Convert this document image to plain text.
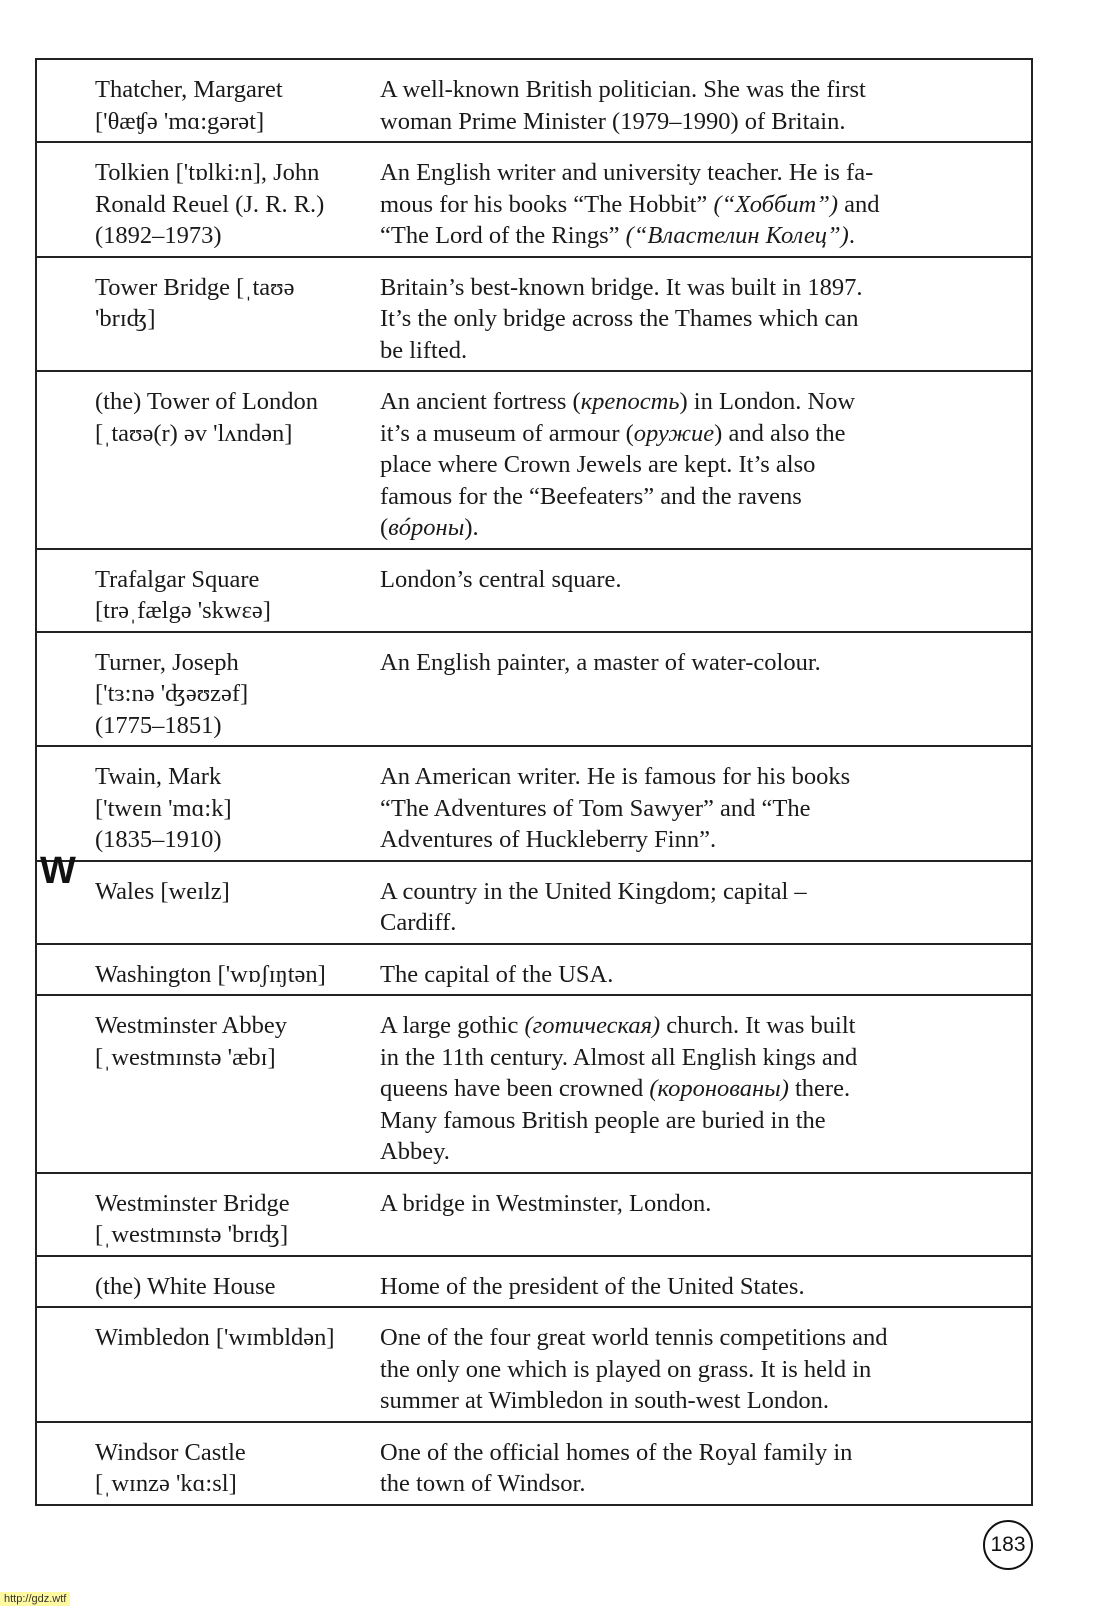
Thatcher, Margaret
['θæʧə 'mɑ:gərət]	A well-known British politician. She was the first
woman Prime Minister (1979–1990) of Britain.

Tolkien ['tɒlki:n], John
Ronald Reuel (J. R. R.)
(1892–1973)	An English writer and university teacher. He is fa-
mous for his books “The Hobbit” (“Хоббит”) and
“The Lord of the Rings” (“Властелин Колец”).

Tower Bridge [ˌtaʊə 'brɪʤ]	Britain’s best-known bridge. It was built in 1897.
It’s the only bridge across the Thames which can
be lifted.

(the) Tower of London
[ˌtaʊə(r) əv 'lʌndən]	An ancient fortress (крепость) in London. Now
it’s a museum of armour (оружие) and also the
place where Crown Jewels are kept. It’s also
famous for the “Beefeaters” and the ravens
(вóроны).

Trafalgar Square
[trəˌfælgə 'skwɛə]	London’s central square.

Turner, Joseph
['tɜ:nə 'ʤəʊzəf]
(1775–1851)	An English painter, a master of water-colour.

Twain, Mark
['tweɪn 'mɑ:k]
(1835–1910)	An American writer. He is famous for his books
“The Adventures of Tom Sawyer” and “The
Adventures of Huckleberry Finn”.

Wales [weɪlz]	A country in the United Kingdom; capital –
Cardiff.

Washington ['wɒʃɪŋtən]	The capital of the USA.

Westminster Abbey
[ˌwestmɪnstə 'æbɪ]	A large gothic (готическая) church. It was built
in the 11th century. Almost all English kings and
queens have been crowned (коронованы) there.
Many famous British people are buried in the
Abbey.

Westminster Bridge
[ˌwestmɪnstə 'brɪʤ]	A bridge in Westminster, London.

(the) White House	Home of the president of the United States.

Wimbledon ['wɪmbldən]	One of the four great world tennis competitions and
the only one which is played on grass. It is held in
summer at Wimbledon in south-west London.

Windsor Castle
[ˌwɪnzə 'kɑ:sl]	One of the official homes of the Royal family in
the town of Windsor.
W
183
http://gdz.wtf
